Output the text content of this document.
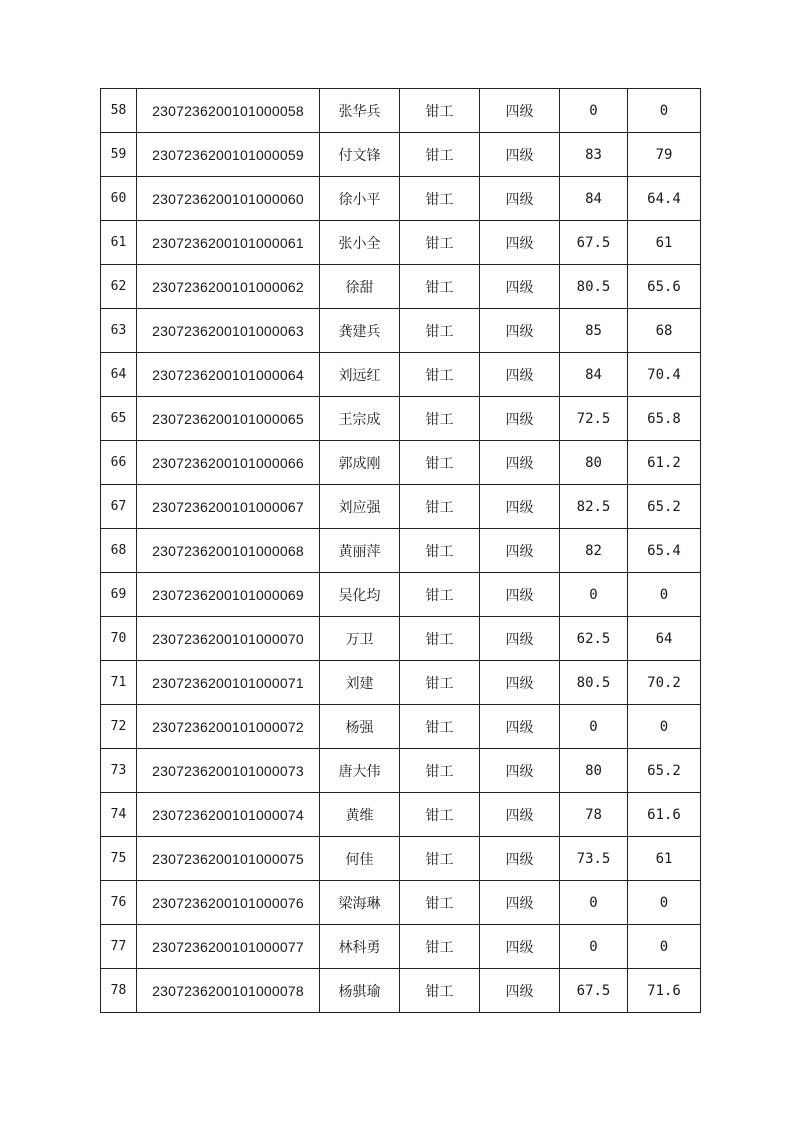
58	2307236200101000058	张华兵	钳工	四级	0	0
59	2307236200101000059	付文锋	钳工	四级	83	79
60	2307236200101000060	徐小平	钳工	四级	84	64.4
61	2307236200101000061	张小全	钳工	四级	67.5	61
62	2307236200101000062	徐甜	钳工	四级	80.5	65.6
63	2307236200101000063	龚建兵	钳工	四级	85	68
64	2307236200101000064	刘远红	钳工	四级	84	70.4
65	2307236200101000065	王宗成	钳工	四级	72.5	65.8
66	2307236200101000066	郭成刚	钳工	四级	80	61.2
67	2307236200101000067	刘应强	钳工	四级	82.5	65.2
68	2307236200101000068	黄丽萍	钳工	四级	82	65.4
69	2307236200101000069	吴化均	钳工	四级	0	0
70	2307236200101000070	万卫	钳工	四级	62.5	64
71	2307236200101000071	刘建	钳工	四级	80.5	70.2
72	2307236200101000072	杨强	钳工	四级	0	0
73	2307236200101000073	唐大伟	钳工	四级	80	65.2
74	2307236200101000074	黄维	钳工	四级	78	61.6
75	2307236200101000075	何佳	钳工	四级	73.5	61
76	2307236200101000076	梁海琳	钳工	四级	0	0
77	2307236200101000077	林科勇	钳工	四级	0	0
78	2307236200101000078	杨骐瑜	钳工	四级	67.5	71.6
